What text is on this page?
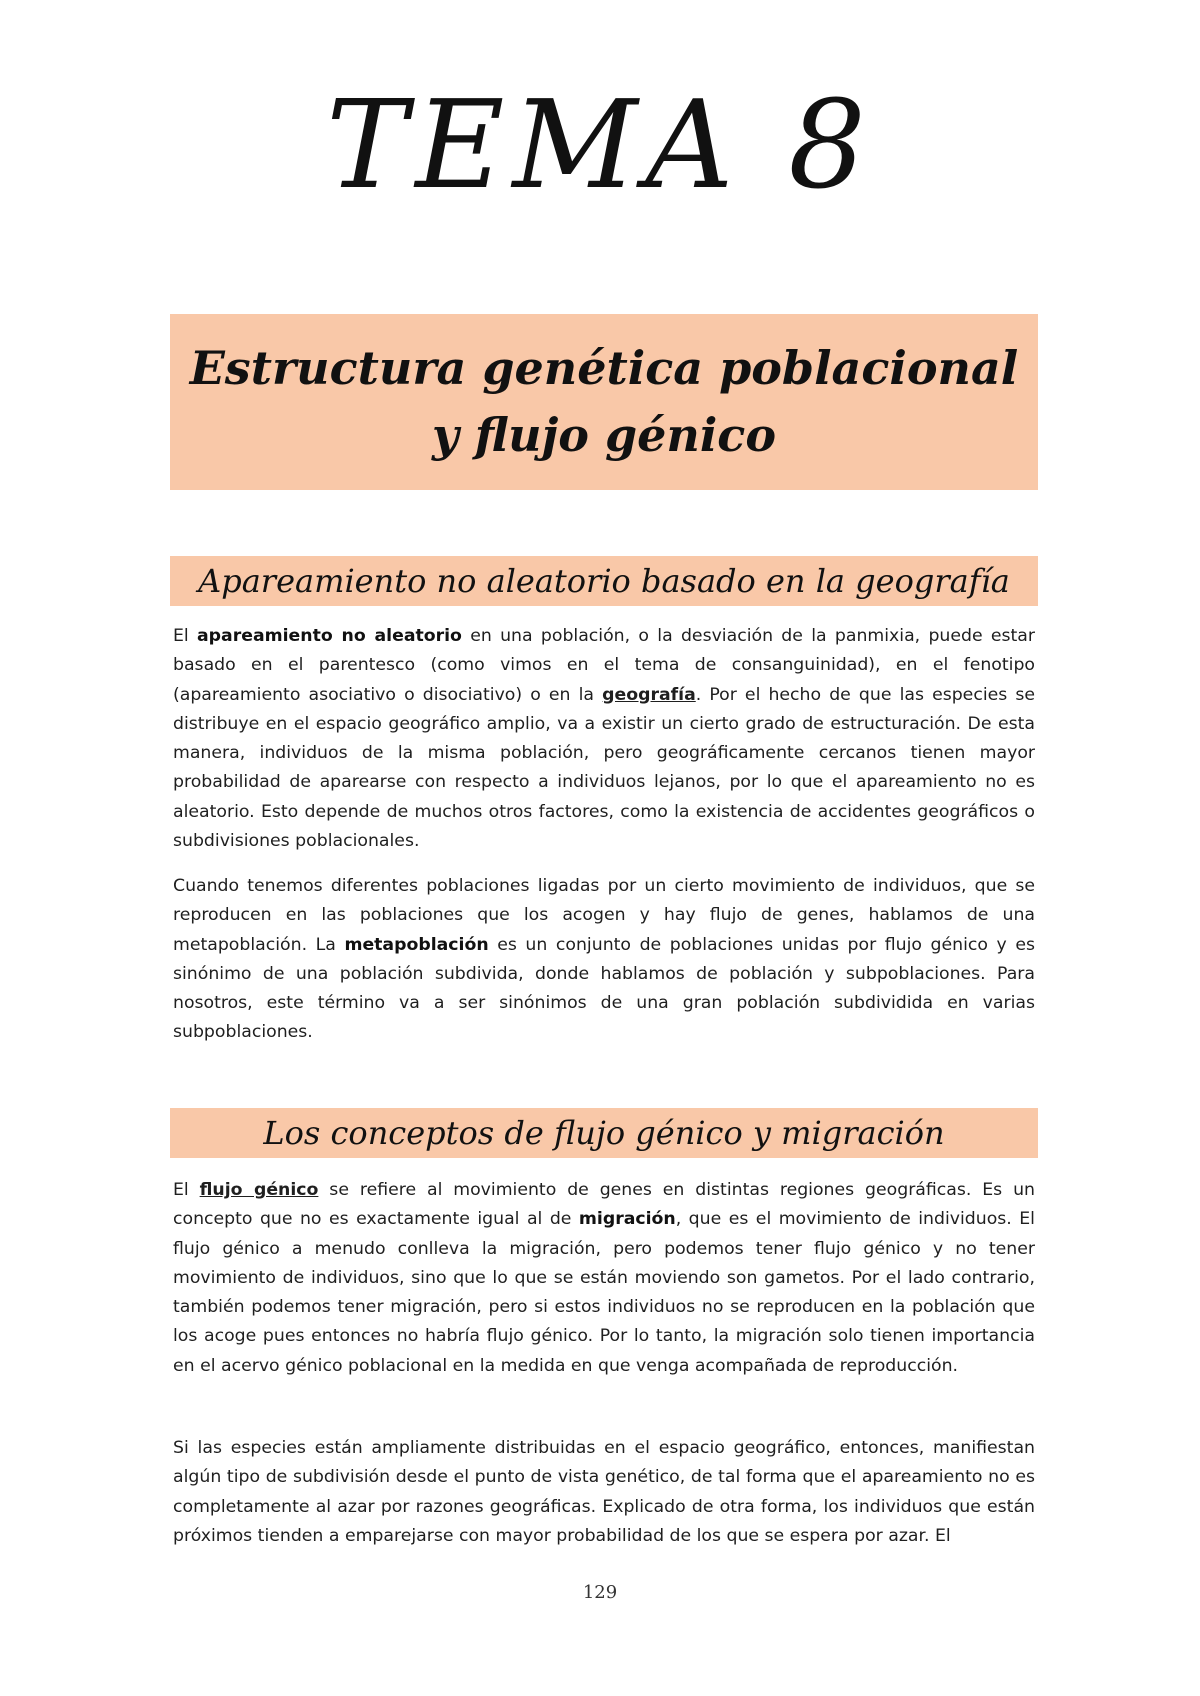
TEMA 8
Estructura genética poblacional
y flujo génico
Apareamiento no aleatorio basado en la geografía

El apareamiento no aleatorio en una población, o la desviación de la panmixia, puede estar basado en el parentesco (como vimos en el tema de consanguinidad), en el fenotipo (apareamiento asociativo o disociativo) o en la geografía. Por el hecho de que las especies se distribuye en el espacio geográfico amplio, va a existir un cierto grado de estructuración. De esta manera, individuos de la misma población, pero geográficamente cercanos tienen mayor probabilidad de aparearse con respecto a individuos lejanos, por lo que el apareamiento no es aleatorio. Esto depende de muchos otros factores, como la existencia de accidentes geográficos o subdivisiones poblacionales.

Cuando tenemos diferentes poblaciones ligadas por un cierto movimiento de individuos, que se reproducen en las poblaciones que los acogen y hay flujo de genes, hablamos de una metapoblación. La metapoblación es un conjunto de poblaciones unidas por flujo génico y es sinónimo de una población subdivida, donde hablamos de población y subpoblaciones. Para nosotros, este término va a ser sinónimos de una gran población subdividida en varias subpoblaciones.

Los conceptos de flujo génico y migración

El flujo génico se refiere al movimiento de genes en distintas regiones geográficas. Es un concepto que no es exactamente igual al de migración, que es el movimiento de individuos. El flujo génico a menudo conlleva la migración, pero podemos tener flujo génico y no tener movimiento de individuos, sino que lo que se están moviendo son gametos. Por el lado contrario, también podemos tener migración, pero si estos individuos no se reproducen en la población que los acoge pues entonces no habría flujo génico. Por lo tanto, la migración solo tienen importancia en el acervo génico poblacional en la medida en que venga acompañada de reproducción.

Si las especies están ampliamente distribuidas en el espacio geográfico, entonces, manifiestan algún tipo de subdivisión desde el punto de vista genético, de tal forma que el apareamiento no es completamente al azar por razones geográficas. Explicado de otra forma, los individuos que están próximos tienden a emparejarse con mayor probabilidad de los que se espera por azar. El

129
